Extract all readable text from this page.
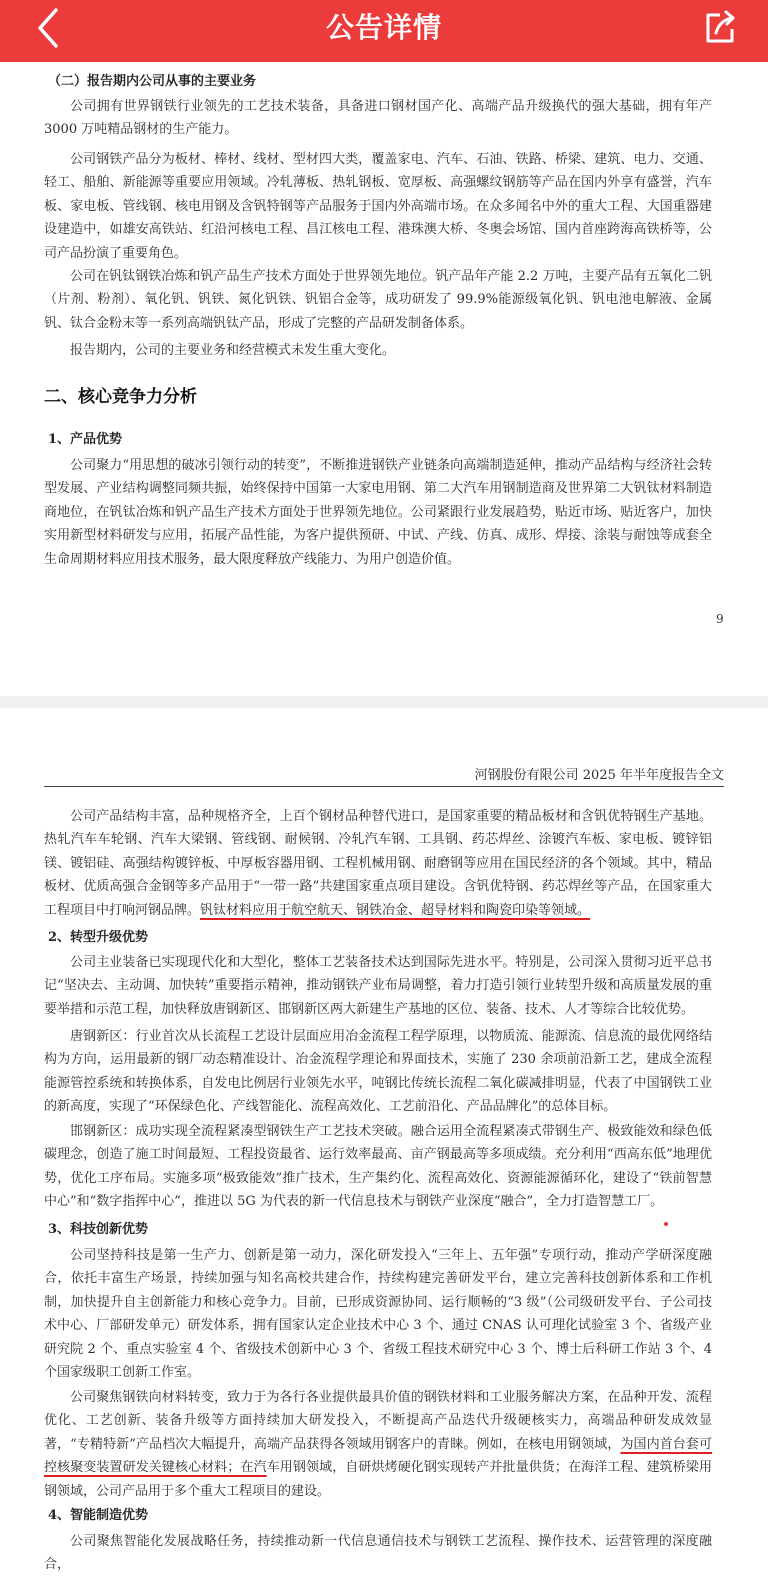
公告详情
（二）报告期内公司从事的主要业务

公司拥有世界钢铁行业领先的工艺技术装备，具备进口钢材国产化、高端产品升级换代的强大基础，拥有年产 3000 万吨精品钢材的生产能力。

公司钢铁产品分为板材、棒材、线材、型材四大类，覆盖家电、汽车、石油、铁路、桥梁、建筑、电力、交通、轻工、船舶、新能源等重要应用领域。冷轧薄板、热轧钢板、宽厚板、高强螺纹钢筋等产品在国内外享有盛誉，汽车板、家电板、管线钢、核电用钢及含钒特钢等产品服务于国内外高端市场。在众多闻名中外的重大工程、大国重器建设建造中，如雄安高铁站、红沿河核电工程、昌江核电工程、港珠澳大桥、冬奥会场馆、国内首座跨海高铁桥等，公司产品扮演了重要角色。

公司在钒钛钢铁冶炼和钒产品生产技术方面处于世界领先地位。钒产品年产能 2.2 万吨，主要产品有五氧化二钒（片剂、粉剂）、氧化钒、钒铁、氮化钒铁、钒铝合金等，成功研发了 99.9%能源级氧化钒、钒电池电解液、金属钒、钛合金粉末等一系列高端钒钛产品，形成了完整的产品研发制备体系。

报告期内，公司的主要业务和经营模式未发生重大变化。

二、核心竞争力分析
1、产品优势

公司聚力“用思想的破冰引领行动的转变”，不断推进钢铁产业链条向高端制造延伸，推动产品结构与经济社会转型发展、产业结构调整同频共振，始终保持中国第一大家电用钢、第二大汽车用钢制造商及世界第二大钒钛材料制造商地位，在钒钛冶炼和钒产品生产技术方面处于世界领先地位。公司紧跟行业发展趋势，贴近市场、贴近客户，加快实用新型材料研发与应用，拓展产品性能，为客户提供预研、中试、产线、仿真、成形、焊接、涂装与耐蚀等成套全生命周期材料应用技术服务，最大限度释放产线能力、为用户创造价值。

9
河钢股份有限公司 2025 年半年度报告全文

公司产品结构丰富，品种规格齐全，上百个钢材品种替代进口，是国家重要的精品板材和含钒优特钢生产基地。热轧汽车车轮钢、汽车大梁钢、管线钢、耐候钢、冷轧汽车钢、工具钢、药芯焊丝、涂镀汽车板、家电板、镀锌铝镁、镀铝硅、高强结构镀锌板、中厚板容器用钢、工程机械用钢、耐磨钢等应用在国民经济的各个领域。其中，精品板材、优质高强合金钢等多产品用于“一带一路”共建国家重点项目建设。含钒优特钢、药芯焊丝等产品，在国家重大工程项目中打响河钢品牌。钒钛材料应用于航空航天、钢铁冶金、超导材料和陶瓷印染等领域。

2、转型升级优势

公司主业装备已实现现代化和大型化，整体工艺装备技术达到国际先进水平。特别是，公司深入贯彻习近平总书记“坚决去、主动调、加快转”重要指示精神，推动钢铁产业布局调整，着力打造引领行业转型升级和高质量发展的重要举措和示范工程，加快释放唐钢新区、邯钢新区两大新建生产基地的区位、装备、技术、人才等综合比较优势。

唐钢新区：行业首次从长流程工艺设计层面应用冶金流程工程学原理，以物质流、能源流、信息流的最优网络结构为方向，运用最新的钢厂动态精准设计、冶金流程学理论和界面技术，实施了 230 余项前沿新工艺，建成全流程能源管控系统和转换体系，自发电比例居行业领先水平，吨钢比传统长流程二氧化碳减排明显，代表了中国钢铁工业的新高度，实现了“环保绿色化、产线智能化、流程高效化、工艺前沿化、产品品牌化”的总体目标。

邯钢新区：成功实现全流程紧凑型钢铁生产工艺技术突破。融合运用全流程紧凑式带钢生产、极致能效和绿色低碳理念，创造了施工时间最短、工程投资最省、运行效率最高、亩产钢最高等多项成绩。充分利用“西高东低”地理优势，优化工序布局。实施多项“极致能效”推广技术，生产集约化、流程高效化、资源能源循环化，建设了“铁前智慧中心”和“数字指挥中心”，推进以 5G 为代表的新一代信息技术与钢铁产业深度“融合”，全力打造智慧工厂。

3、科技创新优势

公司坚持科技是第一生产力、创新是第一动力，深化研发投入“三年上、五年强”专项行动，推动产学研深度融合，依托丰富生产场景，持续加强与知名高校共建合作，持续构建完善研发平台，建立完善科技创新体系和工作机制，加快提升自主创新能力和核心竞争力。目前，已形成资源协同、运行顺畅的“3 级”（公司级研发平台、子公司技术中心、厂部研发单元）研发体系，拥有国家认定企业技术中心 3 个、通过 CNAS 认可理化试验室 3 个、省级产业研究院 2 个、重点实验室 4 个、省级技术创新中心 3 个、省级工程技术研究中心 3 个、博士后科研工作站 3 个、4 个国家级职工创新工作室。

公司聚焦钢铁向材料转变，致力于为各行各业提供最具价值的钢铁材料和工业服务解决方案，在品种开发、流程优化、工艺创新、装备升级等方面持续加大研发投入，不断提高产品迭代升级硬核实力，高端品种研发成效显著，“专精特新”产品档次大幅提升，高端产品获得各领域用钢客户的青睐。例如，在核电用钢领域，为国内首台套可控核聚变装置研发关键核心材料；在汽车用钢领域，自研烘烤硬化钢实现转产并批量供货；在海洋工程、建筑桥梁用钢领域，公司产品用于多个重大工程项目的建设。

4、智能制造优势

公司聚焦智能化发展战略任务，持续推动新一代信息通信技术与钢铁工艺流程、操作技术、运营管理的深度融合，
